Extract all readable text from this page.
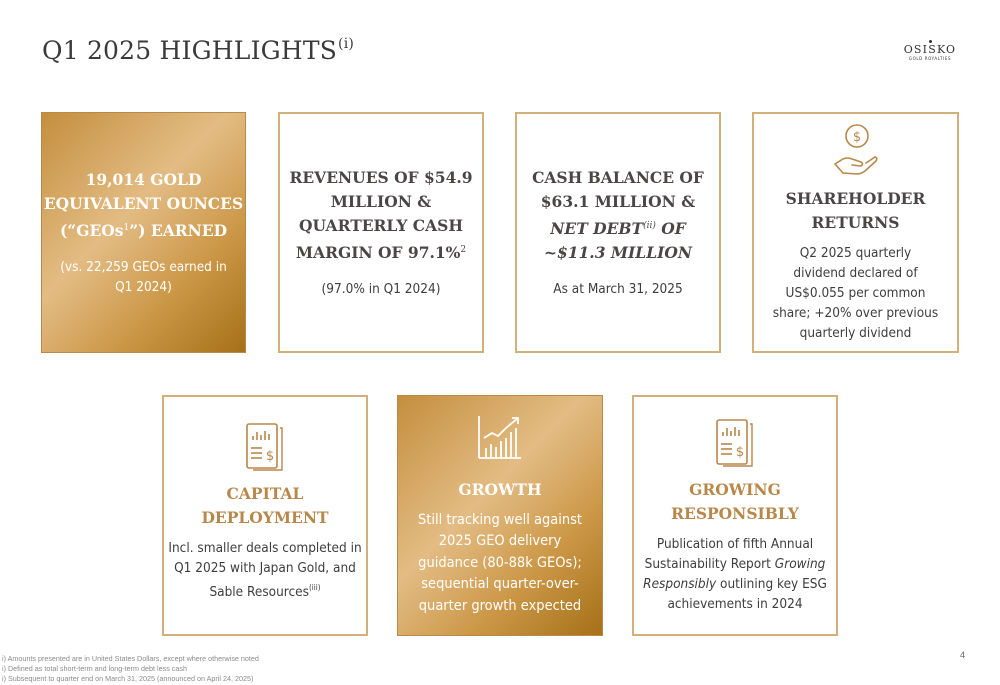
Q1 2025 HIGHLIGHTS$^{(i)}$	OSISKO
GOLD ROYALTIES
19,014 GOLD
EQUIVALENT OUNCES
(“GEOs$^1$”) EARNED
(vs. 22,259 GEOs earned in
Q1 2024)
REVENUES OF $54.9
MILLION &
QUARTERLY CASH
MARGIN OF 97.1%$^2$
(97.0% in Q1 2024)
CASH BALANCE OF
$63.1 MILLION &
NET DEBT$^{(ii)}$ OF
~$11.3 MILLION
As at March 31, 2025
$
SHAREHOLDER
RETURNS
Q2 2025 quarterly
dividend declared of
US$0.055 per common
share; +20% over previous
quarterly dividend
$
CAPITAL
DEPLOYMENT
Incl. smaller deals completed in
Q1 2025 with Japan Gold, and
Sable Resources$^{(iii)}$
GROWTH
Still tracking well against
2025 GEO delivery
guidance (80-88k GEOs);
sequential quarter-over-
quarter growth expected
$
GROWING
RESPONSIBLY
Publication of fifth Annual
Sustainability Report Growing
Responsibly outlining key ESG
achievements in 2024
i) Amounts presented are in United States Dollars, except where otherwise noted
i) Defined as total short-term and long-term debt less cash
i) Subsequent to quarter end on March 31, 2025 (announced on April 24, 2025)
4
